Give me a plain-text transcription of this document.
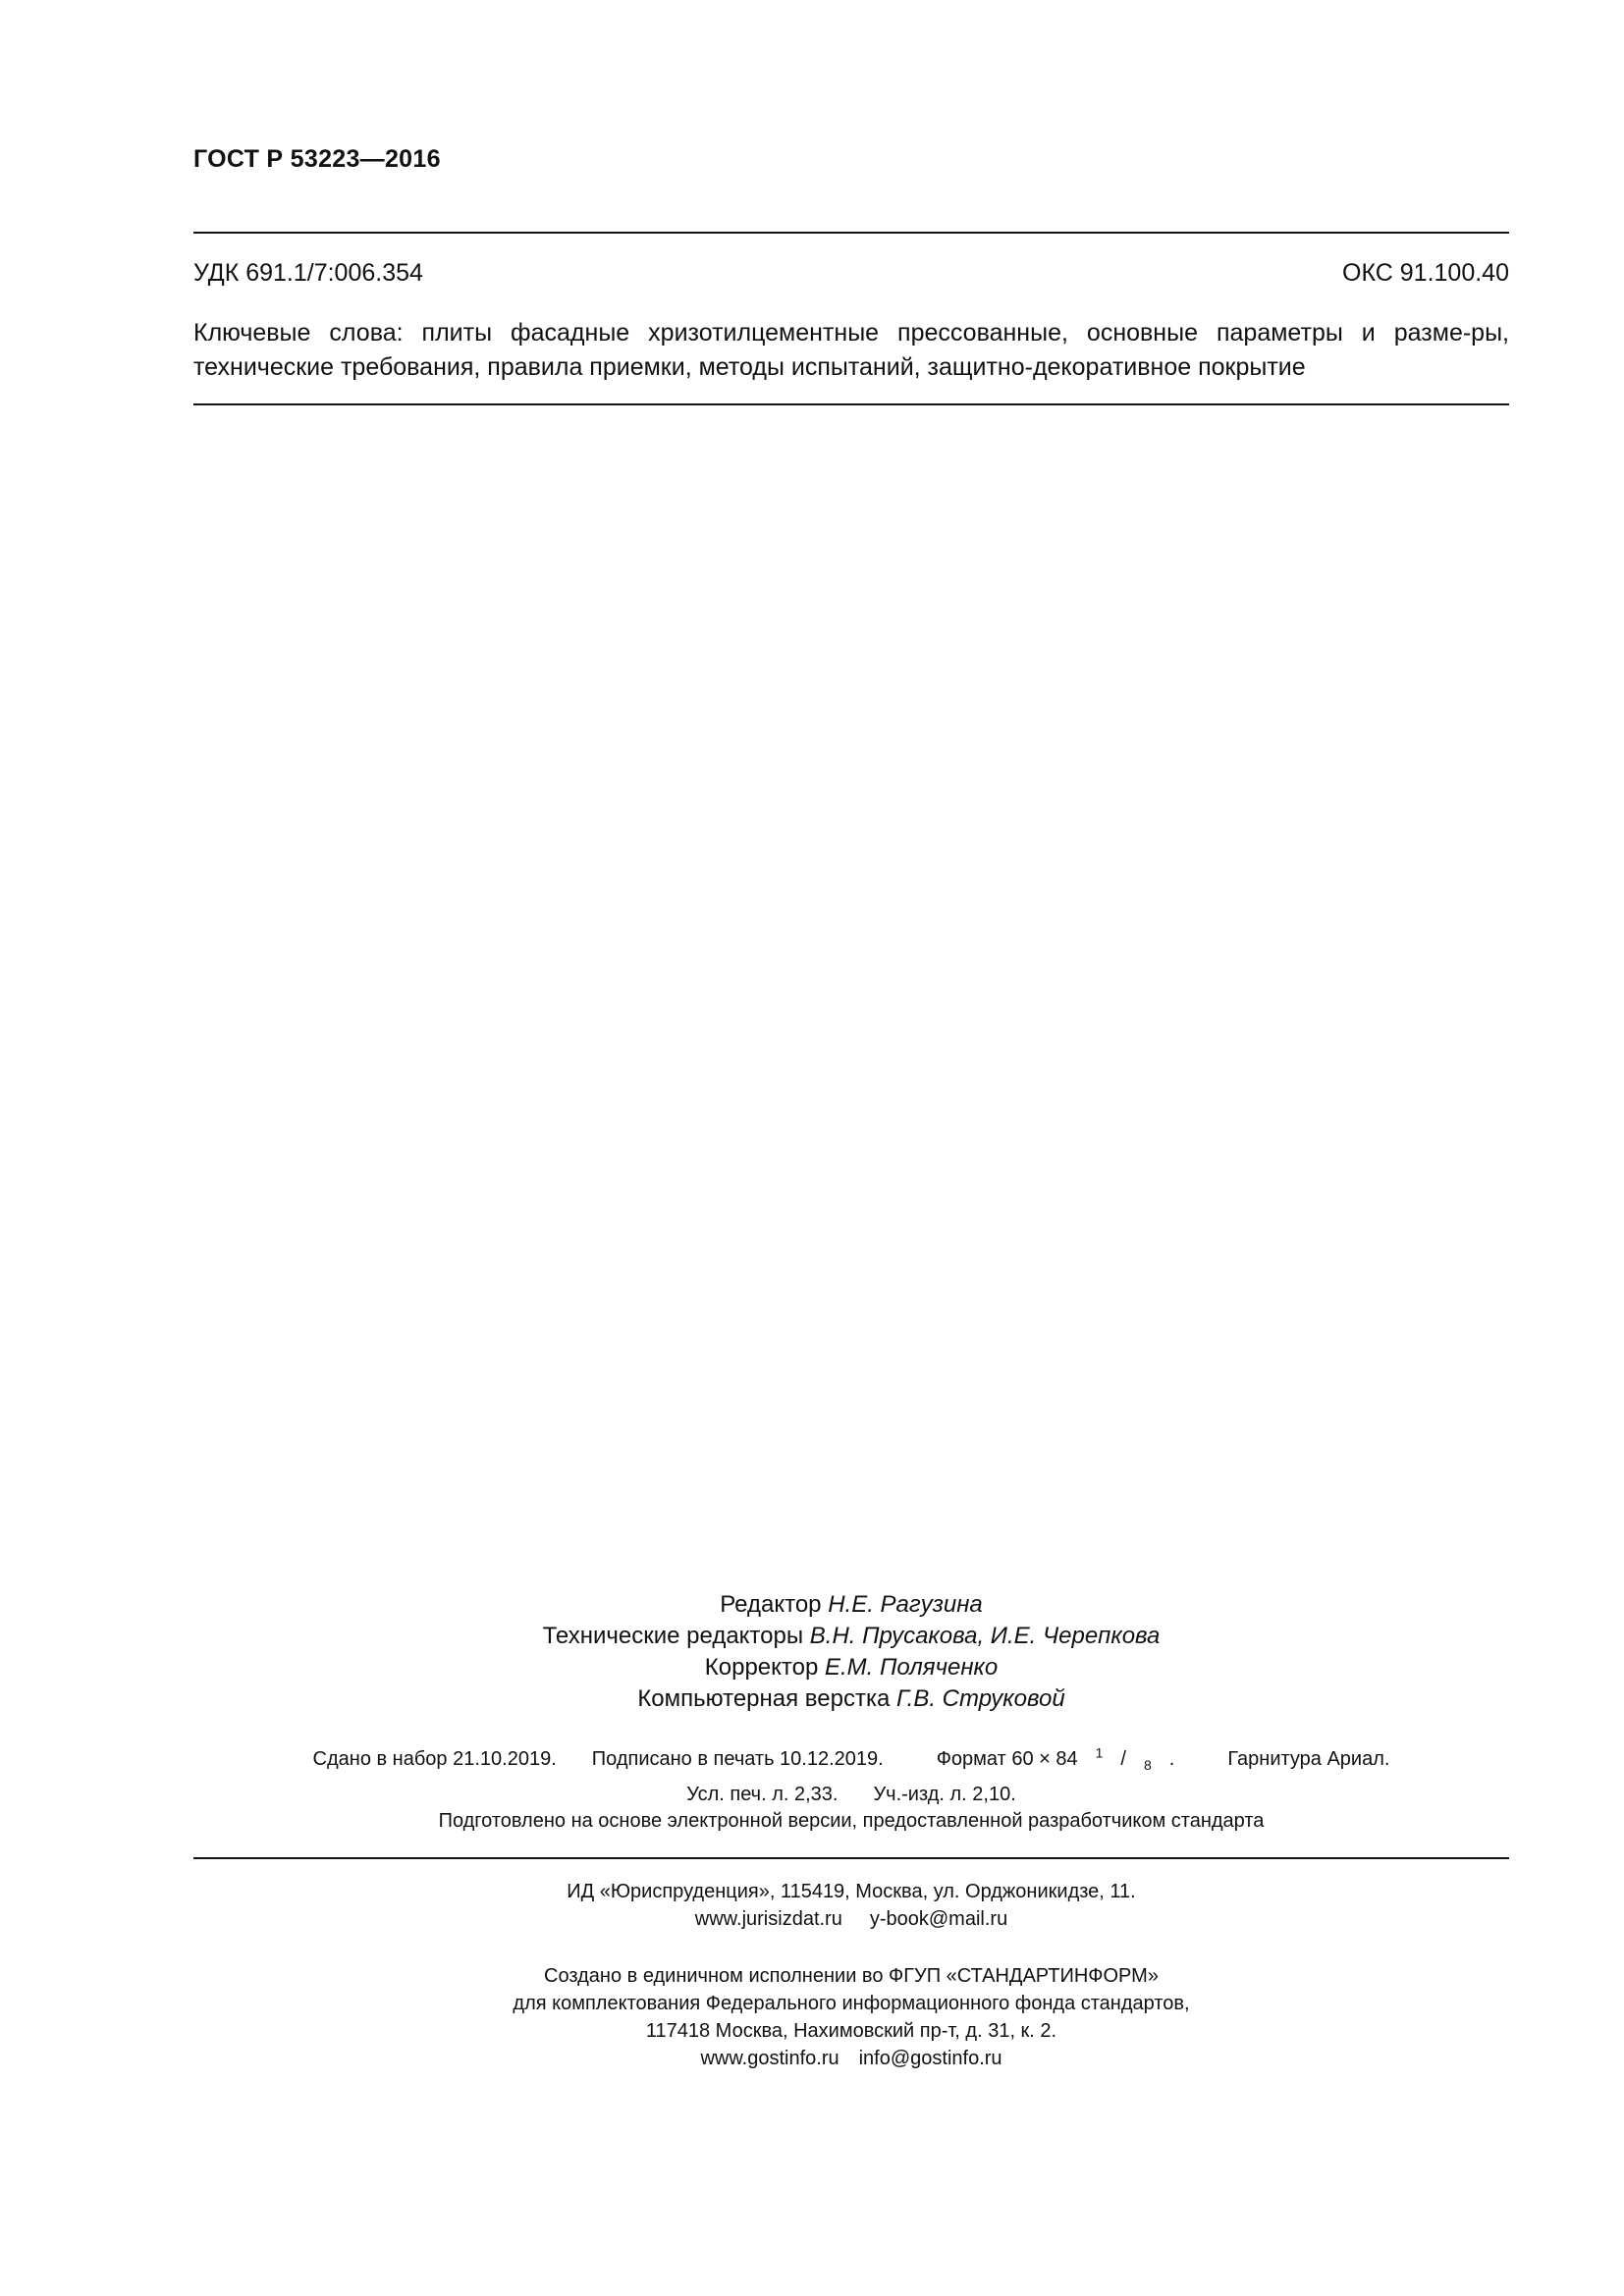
ГОСТ Р 53223—2016
УДК 691.1/7:006.354	ОКС 91.100.40
Ключевые слова: плиты фасадные хризотилцементные прессованные, основные параметры и разме-ры, технические требования, правила приемки, методы испытаний, защитно-декоративное покрытие
Редактор Н.Е. Рагузина
Технические редакторы В.Н. Прусакова, И.Е. Черепкова
Корректор Е.М. Поляченко
Компьютерная верстка Г.В. Струковой
Сдано в набор 21.10.2019. Подписано в печать 10.12.2019.	Формат 60 × 84 $^1$ / $_8$ .	Гарнитура Ариал.
Усл. печ. л. 2,33. Уч.-изд. л. 2,10.
Подготовлено на основе электронной версии, предоставленной разработчиком стандарта
ИД «Юриспруденция», 115419, Москва, ул. Орджоникидзе, 11.
www.jurisizdat.ru y-book@mail.ru
Создано в единичном исполнении во ФГУП «СТАНДАРТИНФОРМ»
для комплектования Федерального информационного фонда стандартов,
117418 Москва, Нахимовский пр-т, д. 31, к. 2.
www.gostinfo.ru info@gostinfo.ru
